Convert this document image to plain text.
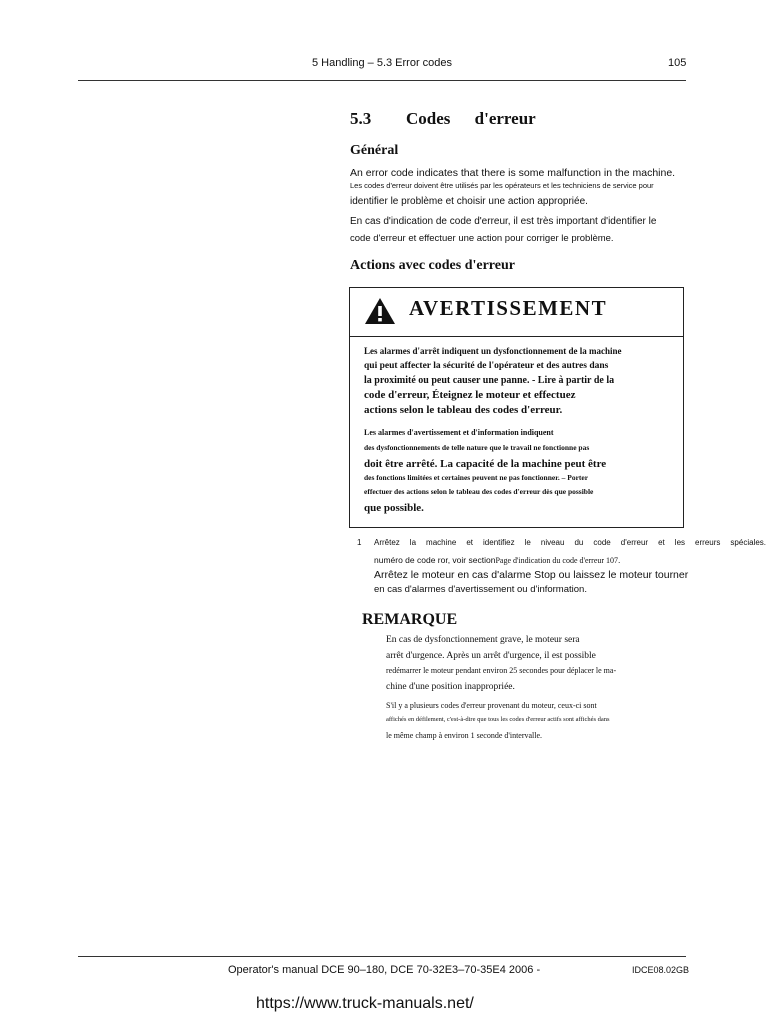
5 Handling – 5.3 Error codes	105
5.3 Codes d'erreur
Général
An error code indicates that there is some malfunction in the machine.
Les codes d'erreur doivent être utilisés par les opérateurs et les techniciens de service pour
identifier le problème et choisir une action appropriée.
En cas d'indication de code d'erreur, il est très important d'identifier le
code d'erreur et effectuer une action pour corriger le problème.
Actions avec codes d'erreur
AVERTISSEMENT
Les alarmes d'arrêt indiquent un dysfonctionnement de la machine
qui peut affecter la sécurité de l'opérateur et des autres dans
la proximité ou peut causer une panne. - Lire à partir de la
code d'erreur, Éteignez le moteur et effectuez
actions selon le tableau des codes d'erreur.
Les alarmes d'avertissement et d'information indiquent
des dysfonctionnements de telle nature que le travail ne fonctionne pas
doit être arrêté. La capacité de la machine peut être
des fonctions limitées et certaines peuvent ne pas fonctionner. – Porter
effectuer des actions selon le tableau des codes d'erreur dès que possible
que possible.
1 Arrêtez la machine et identifiez le niveau du code d'erreur et les erreurs spéciales.
numéro de code ror, voir sectionPage d'indication du code d'erreur 107.
Arrêtez le moteur en cas d'alarme Stop ou laissez le moteur tourner
en cas d'alarmes d'avertissement ou d'information.
REMARQUE
En cas de dysfonctionnement grave, le moteur sera
arrêt d'urgence. Après un arrêt d'urgence, il est possible
redémarrer le moteur pendant environ 25 secondes pour déplacer le ma-
chine d'une position inappropriée.
S'il y a plusieurs codes d'erreur provenant du moteur, ceux-ci sont
affichés en défilement, c'est-à-dire que tous les codes d'erreur actifs sont affichés dans
le même champ à environ 1 seconde d'intervalle.
Operator's manual DCE 90–180, DCE 70-32E3–70-35E4 2006 -	IDCE08.02GB
https://www.truck-manuals.net/
